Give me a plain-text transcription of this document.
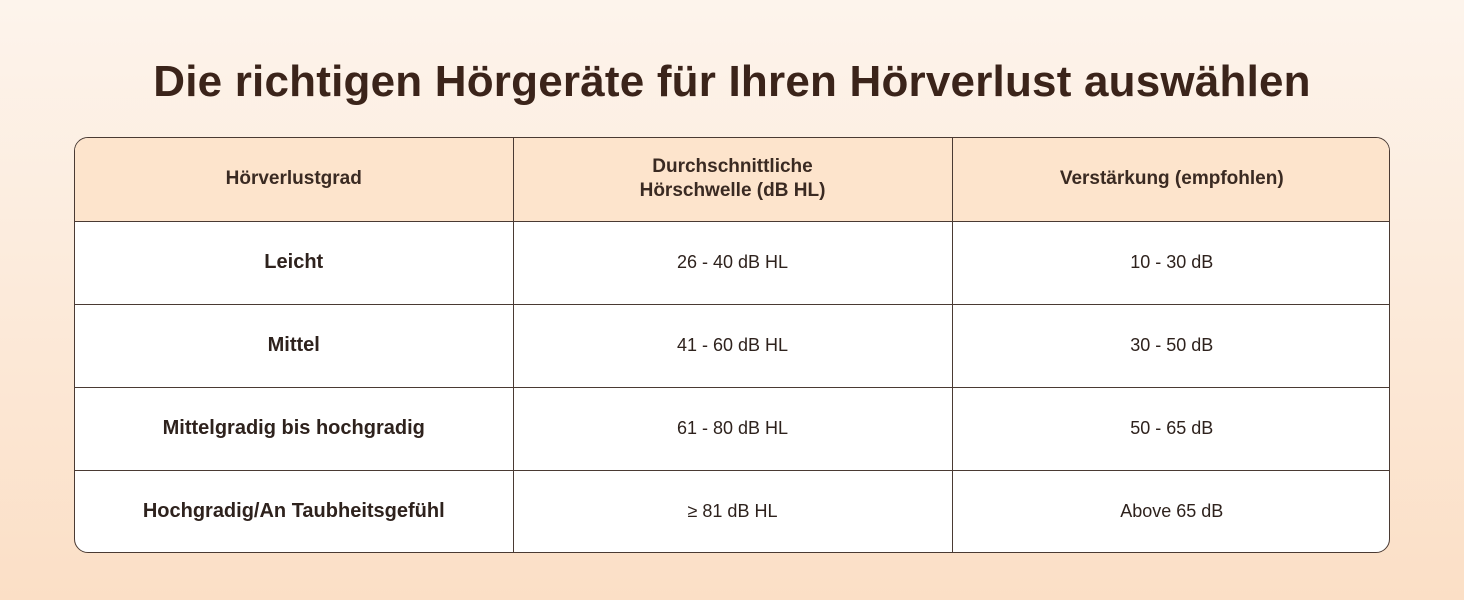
Die richtigen Hörgeräte für Ihren Hörverlust auswählen
Hörverlustgrad	Durchschnittliche Hörschwelle (dB HL)	Verstärkung (empfohlen)
Leicht	26 - 40 dB HL	10 - 30 dB
Mittel	41 - 60 dB HL	30 - 50 dB
Mittelgradig bis hochgradig	61 - 80 dB HL	50 - 65 dB
Hochgradig/An Taubheitsgefühl	≥ 81 dB HL	Above 65 dB
